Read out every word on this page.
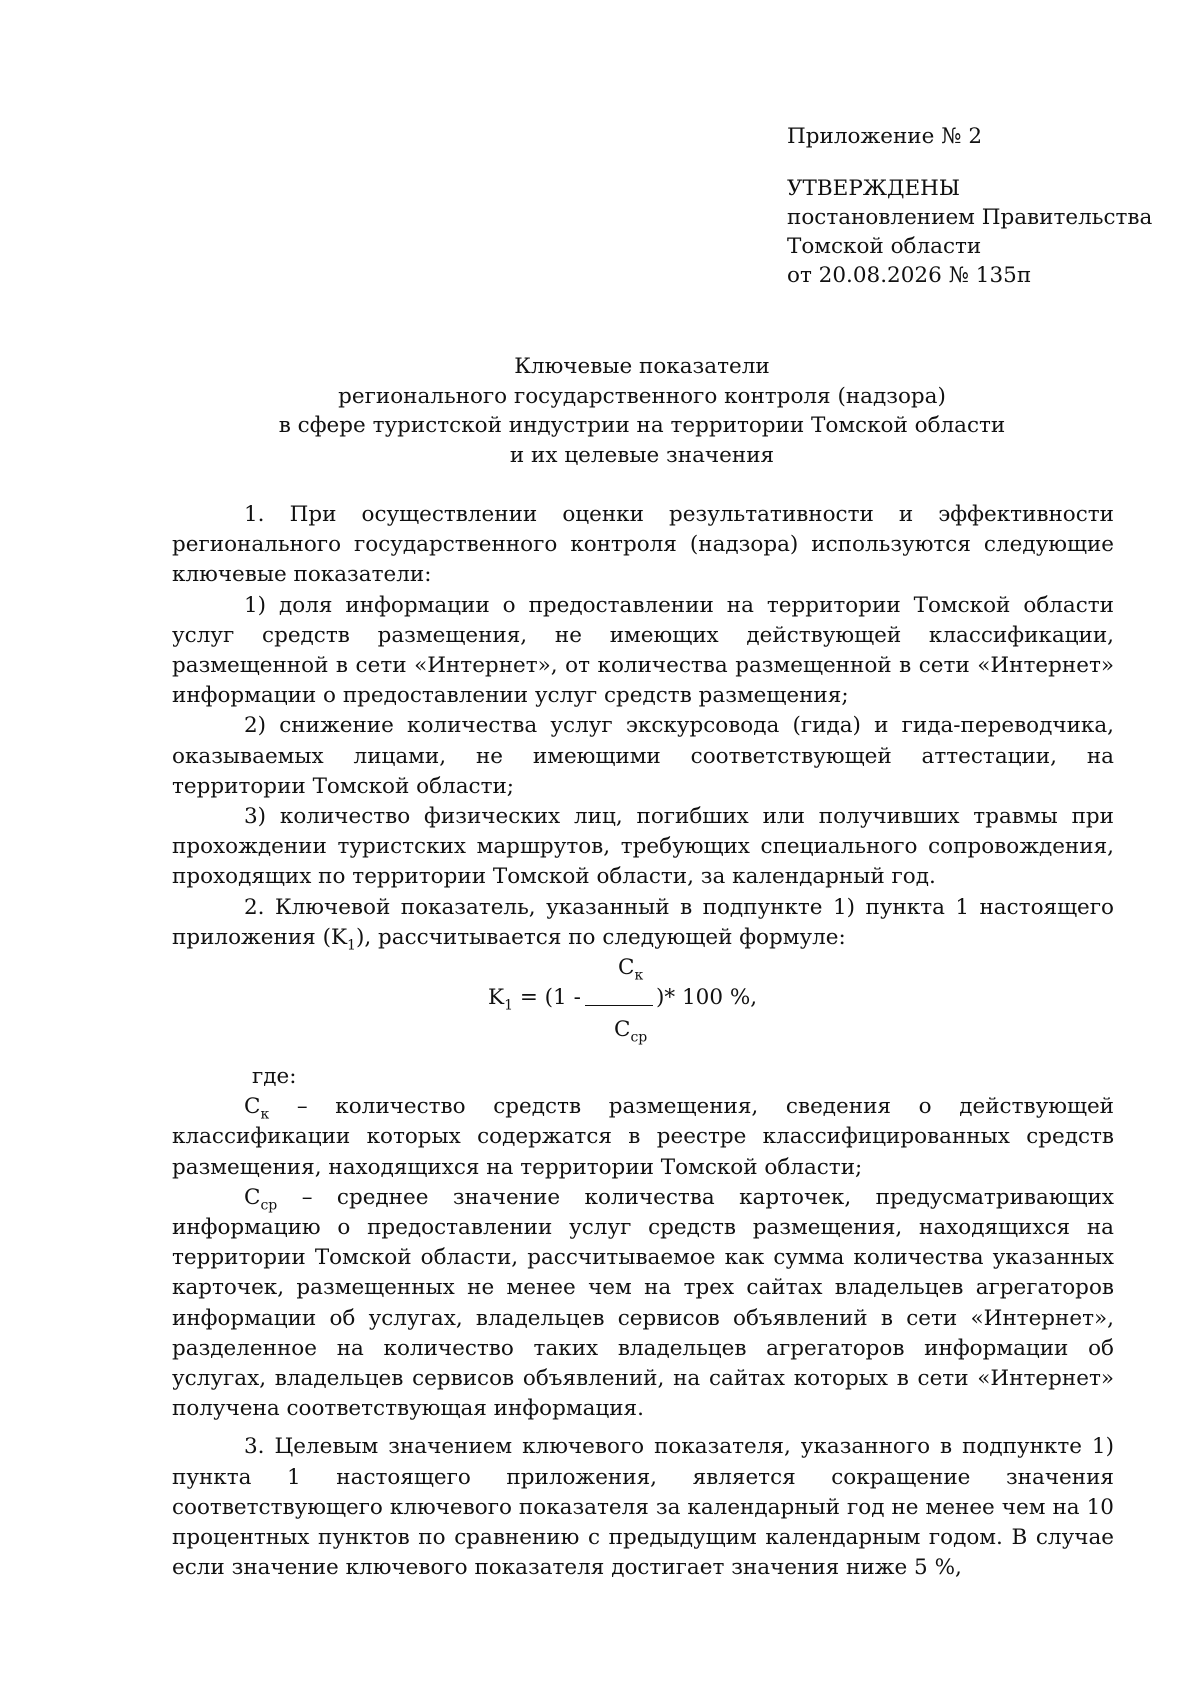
Приложение № 2
УТВЕРЖДЕНЫ
постановлением Правительства
Томской области
от 20.08.2026 № 135п
Ключевые показатели
регионального государственного контроля (надзора)
в сфере туристской индустрии на территории Томской области
и их целевые значения

1. При осуществлении оценки результативности и эффективности регионального государственного контроля (надзора) используются следующие ключевые показатели:

1) доля информации о предоставлении на территории Томской области услуг средств размещения, не имеющих действующей классификации, размещенной в сети «Интернет», от количества размещенной в сети «Интернет» информации о предоставлении услуг средств размещения;

2) снижение количества услуг экскурсовода (гида) и гида-переводчика, оказываемых лицами, не имеющими соответствующей аттестации, на территории Томской области;

3) количество физических лиц, погибших или получивших травмы при прохождении туристских маршрутов, требующих специального сопровождения, проходящих по территории Томской области, за календарный год.

2. Ключевой показатель, указанный в подпункте 1) пункта 1 настоящего приложения $(K_1)$, рассчитывается по следующей формуле:

$K_1 = (1$ -
$C_к$
$C_{ср}$
)* 100 %,

где:

$C_к$ – количество средств размещения, сведения о действующей классификации которых содержатся в реестре классифицированных средств размещения, находящихся на территории Томской области;

$C_{ср}$ – среднее значение количества карточек, предусматривающих информацию о предоставлении услуг средств размещения, находящихся на территории Томской области, рассчитываемое как сумма количества указанных карточек, размещенных не менее чем на трех сайтах владельцев агрегаторов информации об услугах, владельцев сервисов объявлений в сети «Интернет», разделенное на количество таких владельцев агрегаторов информации об услугах, владельцев сервисов объявлений, на сайтах которых в сети «Интернет» получена соответствующая информация.

3. Целевым значением ключевого показателя, указанного в подпункте 1) пункта 1 настоящего приложения, является сокращение значения соответствующего ключевого показателя за календарный год не менее чем на 10 процентных пунктов по сравнению с предыдущим календарным годом. В случае если значение ключевого показателя достигает значения ниже 5 %,
